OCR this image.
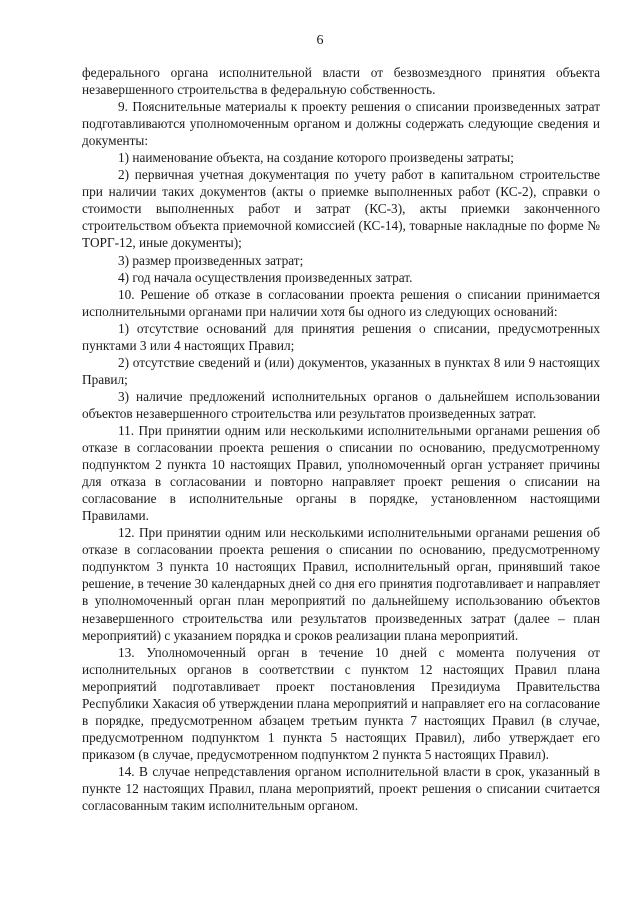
6

федерального органа исполнительной власти от безвозмездного принятия объекта незавершенного строительства в федеральную собственность.

9. Пояснительные материалы к проекту решения о списании произведенных затрат подготавливаются уполномоченным органом и должны содержать следующие сведения и документы:

1) наименование объекта, на создание которого произведены затраты;

2) первичная учетная документация по учету работ в капитальном строительстве при наличии таких документов (акты о приемке выполненных работ (КС-2), справки о стоимости выполненных работ и затрат (КС-3), акты приемки законченного строительством объекта приемочной комиссией (КС-14), товарные накладные по форме № ТОРГ-12, иные документы);

3) размер произведенных затрат;

4) год начала осуществления произведенных затрат.

10. Решение об отказе в согласовании проекта решения о списании принимается исполнительными органами при наличии хотя бы одного из следующих оснований:

1) отсутствие оснований для принятия решения о списании, предусмотренных пунктами 3 или 4 настоящих Правил;

2) отсутствие сведений и (или) документов, указанных в пунктах 8 или 9 настоящих Правил;

3) наличие предложений исполнительных органов о дальнейшем использовании объектов незавершенного строительства или результатов произведенных затрат.

11. При принятии одним или несколькими исполнительными органами решения об отказе в согласовании проекта решения о списании по основанию, предусмотренному подпунктом 2 пункта 10 настоящих Правил, уполномоченный орган устраняет причины для отказа в согласовании и повторно направляет проект решения о списании на согласование в исполнительные органы в порядке, установленном настоящими Правилами.

12. При принятии одним или несколькими исполнительными органами решения об отказе в согласовании проекта решения о списании по основанию, предусмотренному подпунктом 3 пункта 10 настоящих Правил, исполнительный орган, принявший такое решение, в течение 30 календарных дней со дня его принятия подготавливает и направляет в уполномоченный орган план мероприятий по дальнейшему использованию объектов незавершенного строительства или результатов произведенных затрат (далее – план мероприятий) с указанием порядка и сроков реализации плана мероприятий.

13. Уполномоченный орган в течение 10 дней с момента получения от исполнительных органов в соответствии с пунктом 12 настоящих Правил плана мероприятий подготавливает проект постановления Президиума Правительства Республики Хакасия об утверждении плана мероприятий и направляет его на согласование в порядке, предусмотренном абзацем третьим пункта 7 настоящих Правил (в случае, предусмотренном подпунктом 1 пункта 5 настоящих Правил), либо утверждает его приказом (в случае, предусмотренном подпунктом 2 пункта 5 настоящих Правил).

14. В случае непредставления органом исполнительной власти в срок, указанный в пункте 12 настоящих Правил, плана мероприятий, проект решения о списании считается согласованным таким исполнительным органом.
